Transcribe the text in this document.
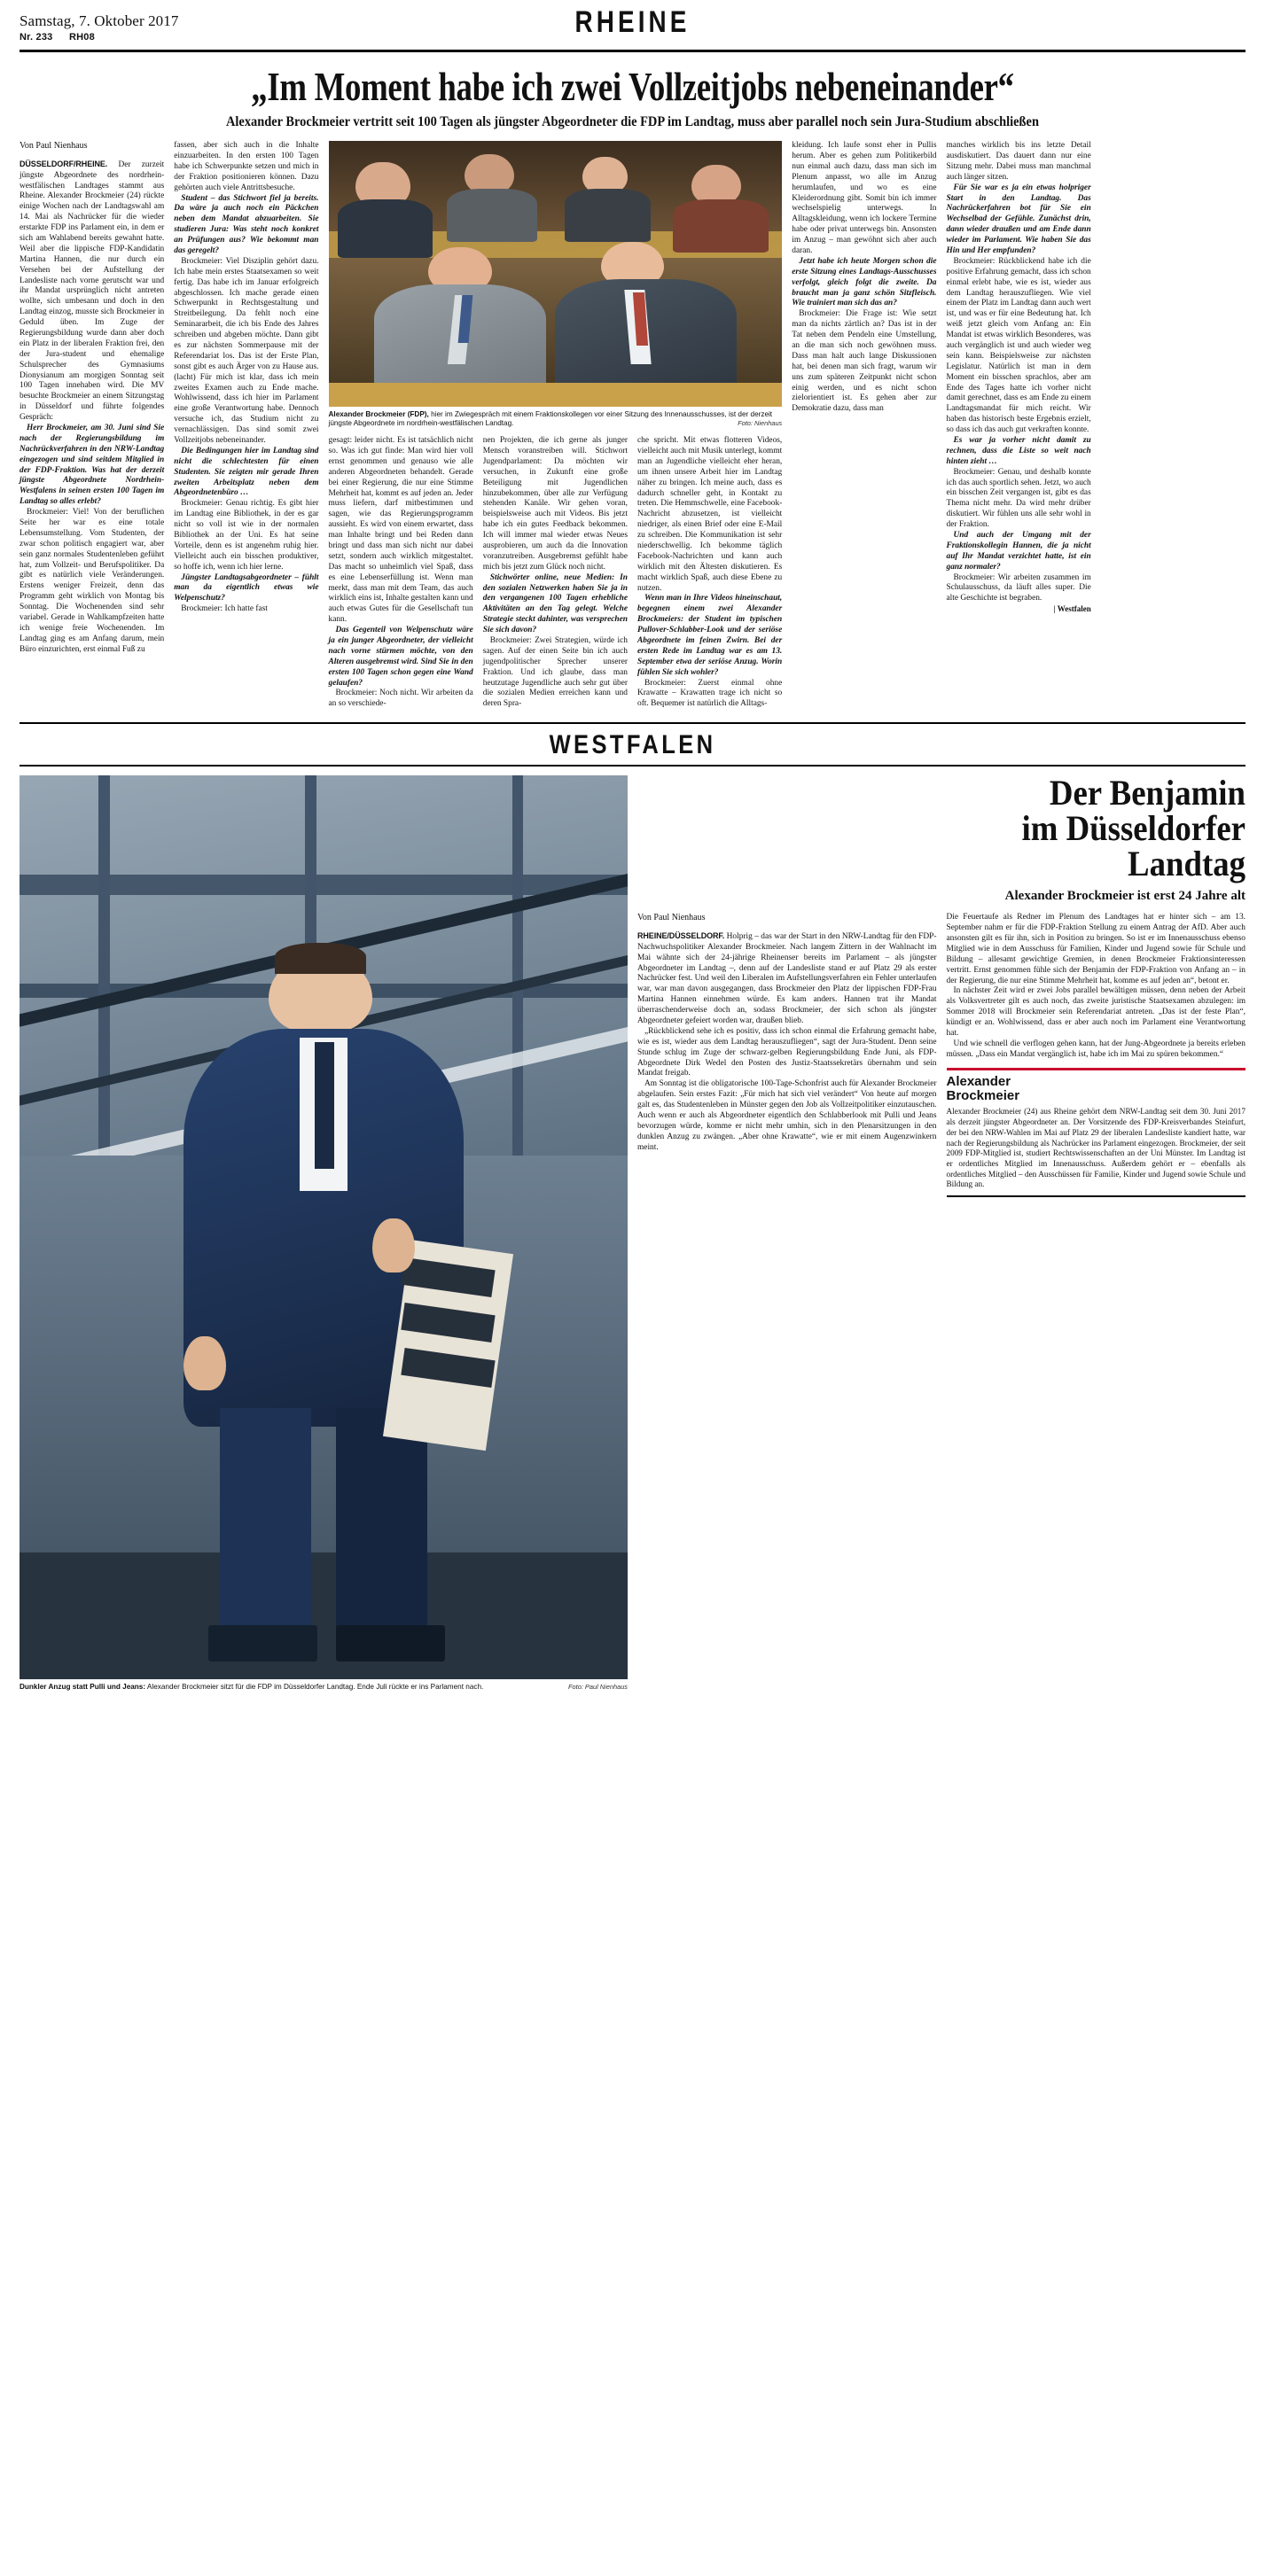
Samstag, 7. Oktober 2017
Nr. 233 RH08	RHEINE
„Im Moment habe ich zwei Vollzeitjobs nebeneinander“
Alexander Brockmeier vertritt seit 100 Tagen als jüngster Abgeordneter die FDP im Landtag, muss aber parallel noch sein Jura-Studium abschließen
Von Paul Nienhaus

DÜSSELDORF/RHEINE. Der zurzeit jüngste Abgeordnete des nordrhein-westfälischen Landtages stammt aus Rheine. Alexander Brockmeier (24) rückte einige Wochen nach der Landtagswahl am 14. Mai als Nachrücker für die wieder erstarkte FDP ins Parlament ein, in dem er sich am Wahlabend bereits gewahnt hatte. Weil aber die lippische FDP-Kandidatin Martina Hannen, die nur durch ein Versehen bei der Aufstellung der Landesliste nach vorne gerutscht war und ihr Mandat ursprünglich nicht antreten wollte, sich umbesann und doch in den Landtag einzog, musste sich Brockmeier in Geduld üben. Im Zuge der Regierungsbildung wurde dann aber doch ein Platz in der liberalen Fraktion frei, den der Jura-student und ehemalige Schulsprecher des Gymnasiums Dionysianum am morgigen Sonntag seit 100 Tagen innehaben wird. Die MV besuchte Brockmeier an einem Sitzungstag in Düsseldorf und führte folgendes Gespräch:

Herr Brockmeier, am 30. Juni sind Sie nach der Regierungsbildung im Nachrückverfahren in den NRW-Landtag eingezogen und sind seitdem Mitglied in der FDP-Fraktion. Was hat der derzeit jüngste Abgeordnete Nordrhein-Westfalens in seinen ersten 100 Tagen im Landtag so alles erlebt?

Brockmeier: Viel! Von der beruflichen Seite her war es eine totale Lebensumstellung. Vom Studenten, der zwar schon politisch engagiert war, aber sein ganz normales Studentenleben geführt hat, zum Vollzeit- und Berufspolitiker. Da gibt es natürlich viele Veränderungen. Erstens weniger Freizeit, denn das Programm geht wirklich von Montag bis Sonntag. Die Wochenenden sind sehr variabel. Gerade in Wahlkampfzeiten hatte ich wenige freie Wochenenden. Im Landtag ging es am Anfang darum, mein Büro einzurichten, erst einmal Fuß zu

fassen, aber sich auch in die Inhalte einzuarbeiten. In den ersten 100 Tagen habe ich Schwerpunkte setzen und mich in der Fraktion positionieren können. Dazu gehörten auch viele Antrittsbesuche.

Student – das Stichwort fiel ja bereits. Da wäre ja auch noch ein Päckchen neben dem Mandat abzuarbeiten. Sie studieren Jura: Was steht noch konkret an Prüfungen aus? Wie bekommt man das geregelt?

Brockmeier: Viel Disziplin gehört dazu. Ich habe mein erstes Staatsexamen so weit fertig. Das habe ich im Januar erfolgreich abgeschlossen. Ich mache gerade einen Schwerpunkt in Rechtsgestaltung und Streitbeilegung. Da fehlt noch eine Seminararbeit, die ich bis Ende des Jahres schreiben und abgeben möchte. Dann gibt es zur nächsten Sommerpause mit der Referendariat los. Das ist der Erste Plan, sonst gibt es auch Ärger von zu Hause aus. (lacht) Für mich ist klar, dass ich mein zweites Examen auch zu Ende mache. Wohlwissend, dass ich hier im Parlament eine große Verantwortung habe. Dennoch versuche ich, das Studium nicht zu vernachlässigen. Das sind somit zwei Vollzeitjobs nebeneinander.

Die Bedingungen hier im Landtag sind nicht die schlechtesten für einen Studenten. Sie zeigten mir gerade Ihren zweiten Arbeitsplatz neben dem Abgeordnetenbüro …

Brockmeier: Genau richtig. Es gibt hier im Landtag eine Bibliothek, in der es gar nicht so voll ist wie in der normalen Bibliothek an der Uni. Es hat seine Vorteile, denn es ist angenehm ruhig hier. Vielleicht auch ein bisschen produktiver, so hoffe ich, wenn ich hier lerne.

Jüngster Landtagsabgeordneter – fühlt man da eigentlich etwas wie Welpenschutz?

Brockmeier: Ich hatte fast

Alexander Brockmeier (FDP), hier im Zwiegespräch mit einem Fraktionskollegen vor einer Sitzung des Innenausschusses, ist der derzeit jüngste Abgeordnete im nordrhein-westfälischen Landtag.	Foto: Nienhaus

gesagt: leider nicht. Es ist tatsächlich nicht so. Was ich gut finde: Man wird hier voll ernst genommen und genauso wie alle anderen Abgeordneten behandelt. Gerade bei einer Regierung, die nur eine Stimme Mehrheit hat, kommt es auf jeden an. Jeder muss liefern, darf mitbestimmen und sagen, wie das Regierungsprogramm aussieht. Es wird von einem erwartet, dass man Inhalte bringt und bei Reden dann bringt und dass man sich nicht nur dabei setzt, sondern auch wirklich mitgestaltet. Das macht so unheimlich viel Spaß, dass es eine Lebenserfüllung ist. Wenn man merkt, dass man mit dem Team, das auch wirklich eins ist, Inhalte gestalten kann und auch etwas Gutes für die Gesellschaft tun kann.

Das Gegenteil von Welpenschutz wäre ja ein junger Abgeordneter, der vielleicht nach vorne stürmen möchte, von den Alteren ausgebremst wird. Sind Sie in den ersten 100 Tagen schon gegen eine Wand gelaufen?

Brockmeier: Noch nicht. Wir arbeiten da an so verschiede-

nen Projekten, die ich gerne als junger Mensch voranstreiben will. Stichwort Jugendparlament: Da möchten wir versuchen, in Zukunft eine große Beteiligung mit Jugendlichen hinzubekommen, über alle zur Verfügung stehenden Kanäle. Wir gehen voran, beispielsweise auch mit Videos. Bis jetzt habe ich ein gutes Feedback bekommen. Ich will immer mal wieder etwas Neues ausprobieren, um auch da die Innovation voranzutreiben. Ausgebremst gefühlt habe mich bis jetzt zum Glück noch nicht.

Stichwörter online, neue Medien: In den sozialen Netzwerken haben Sie ja in den vergangenen 100 Tagen erhebliche Aktivitäten an den Tag gelegt. Welche Strategie steckt dahinter, was versprechen Sie sich davon?

Brockmeier: Zwei Strategien, würde ich sagen. Auf der einen Seite bin ich auch jugendpolitischer Sprecher unserer Fraktion. Und ich glaube, dass man heutzutage Jugendliche auch sehr gut über die sozialen Medien erreichen kann und deren Spra-

che spricht. Mit etwas flotteren Videos, vielleicht auch mit Musik unterlegt, kommt man an Jugendliche vielleicht eher heran, um ihnen unsere Arbeit hier im Landtag näher zu bringen. Ich meine auch, dass es dadurch schneller geht, in Kontakt zu treten. Die Hemmschwelle, eine Facebook-Nachricht abzusetzen, ist vielleicht niedriger, als einen Brief oder eine E-Mail zu schreiben. Die Kommunikation ist sehr niederschwellig. Ich bekomme täglich Facebook-Nachrichten und kann auch wirklich mit den Ältesten diskutieren. Es macht wirklich Spaß, auch diese Ebene zu nutzen.

Wenn man in Ihre Videos hineinschaut, begegnen einem zwei Alexander Brockmeiers: der Student im typischen Pullover-Schlabber-Look und der seriöse Abgeordnete im feinen Zwirn. Bei der ersten Rede im Landtag war es am 13. September etwa der seriöse Anzug. Worin fühlen Sie sich wohler?

Brockmeier: Zuerst einmal ohne Krawatte – Krawatten trage ich nicht so oft. Bequemer ist natürlich die Alltags-

kleidung. Ich laufe sonst eher in Pullis herum. Aber es gehen zum Politikerbild nun einmal auch dazu, dass man sich im Plenum anpasst, wo alle im Anzug herumlaufen, und wo es eine Kleiderordnung gibt. Somit bin ich immer wechselspielig unterwegs. In Alltagskleidung, wenn ich lockere Termine habe oder privat unterwegs bin. Ansonsten im Anzug – man gewöhnt sich aber auch daran.

Jetzt habe ich heute Morgen schon die erste Sitzung eines Landtags-Ausschusses verfolgt, gleich folgt die zweite. Da braucht man ja ganz schön Sitzfleisch. Wie trainiert man sich das an?

Brockmeier: Die Frage ist: Wie setzt man da nichts zärtlich an? Das ist in der Tat neben dem Pendeln eine Umstellung, an die man sich noch gewöhnen muss. Dass man halt auch lange Diskussionen hat, bei denen man sich fragt, warum wir uns zum späteren Zeitpunkt nicht schon einig werden, und es nicht schon zielorientiert ist. Es gehen aber zur Demokratie dazu, dass man

manches wirklich bis ins letzte Detail ausdiskutiert. Das dauert dann nur eine Sitzung mehr. Dabei muss man manchmal auch länger sitzen.

Für Sie war es ja ein etwas holpriger Start in den Landtag. Das Nachrückerfahren bot für Sie ein Wechselbad der Gefühle. Zunächst drin, dann wieder draußen und am Ende dann wieder im Parlament. Wie haben Sie das Hin und Her empfunden?

Brockmeier: Rückblickend habe ich die positive Erfahrung gemacht, dass ich schon einmal erlebt habe, wie es ist, wieder aus dem Landtag herauszufliegen. Wie viel einem der Platz im Landtag dann auch wert ist, und was er für eine Bedeutung hat. Ich weiß jetzt gleich vom Anfang an: Ein Mandat ist etwas wirklich Besonderes, was auch vergänglich ist und auch wieder weg sein kann. Beispielsweise zur nächsten Legislatur. Natürlich ist man in dem Moment ein bisschen sprachlos, aber am Ende des Tages hatte ich vorher nicht damit gerechnet, dass es am Ende zu einem Landtagsmandat für mich reicht. Wir haben das historisch beste Ergebnis erzielt, so dass ich das auch gut verkraften konnte.

Es war ja vorher nicht damit zu rechnen, dass die Liste so weit nach hinten zieht …

Brockmeier: Genau, und deshalb konnte ich das auch sportlich sehen. Jetzt, wo auch ein bisschen Zeit vergangen ist, gibt es das Thema nicht mehr. Da wird mehr drüber diskutiert. Wir fühlen uns alle sehr wohl in der Fraktion.

Und auch der Umgang mit der Fraktionskollegin Hannen, die ja nicht auf Ihr Mandat verzichtet hatte, ist ein ganz normaler?

Brockmeier: Wir arbeiten zusammen im Schulausschuss, da läuft alles super. Die alte Geschichte ist begraben.

| Westfalen

WESTFALEN
Dunkler Anzug statt Pulli und Jeans: Alexander Brockmeier sitzt für die FDP im Düsseldorfer Landtag. Ende Juli rückte er ins Parlament nach.	Foto: Paul Nienhaus
Der Benjamin
im Düsseldorfer
Landtag
Alexander Brockmeier ist erst 24 Jahre alt
Von Paul Nienhaus

RHEINE/DÜSSELDORF. Holprig – das war der Start in den NRW-Landtag für den FDP-Nachwuchspolitiker Alexander Brockmeier. Nach langem Zittern in der Wahlnacht im Mai wähnte sich der 24-jährige Rheinenser bereits im Parlament – als jüngster Abgeordneter im Landtag –, denn auf der Landesliste stand er auf Platz 29 als erster Nachrücker fest. Und weil den Liberalen im Aufstellungsverfahren ein Fehler unterlaufen war, war man davon ausgegangen, dass Brockmeier den Platz der lippischen FDP-Frau Martina Hannen einnehmen würde. Es kam anders. Hannen trat ihr Mandat überraschenderweise doch an, sodass Brockmeier, der sich schon als jüngster Abgeordneter gefeiert worden war, draußen blieb.

„Rückblickend sehe ich es positiv, dass ich schon einmal die Erfahrung gemacht habe, wie es ist, wieder aus dem Landtag herauszufliegen“, sagt der Jura-Student. Denn seine Stunde schlug im Zuge der schwarz-gelben Regierungsbildung Ende Juni, als FDP-Abgeordnete Dirk Wedel den Posten des Justiz-Staatssekretärs übernahm und sein Mandat freigab.

Am Sonntag ist die obligatorische 100-Tage-Schonfrist auch für Alexander Brockmeier abgelaufen. Sein erstes Fazit: „Für mich hat sich viel verändert“ Von heute auf morgen galt es, das Studentenleben in Münster gegen den Job als Vollzeitpolitiker einzutauschen. Auch wenn er auch als Abgeordneter eigentlich den Schlabberlook mit Pulli und Jeans bevorzugen würde, komme er nicht mehr umhin, sich in den Plenarsitzungen in den dunklen Anzug zu zwängen. „Aber ohne Krawatte“, wie er mit einem Augenzwinkern meint.

Die Feuertaufe als Redner im Plenum des Landtages hat er hinter sich – am 13. September nahm er für die FDP-Fraktion Stellung zu einem Antrag der AfD. Aber auch ansonsten gilt es für ihn, sich in Position zu bringen. So ist er im Innenausschuss ebenso Mitglied wie in dem Ausschuss für Familien, Kinder und Jugend sowie für Schule und Bildung – allesamt gewichtige Gremien, in denen Brockmeier Fraktionsinteressen vertritt. Ernst genommen fühle sich der Benjamin der FDP-Fraktion von Anfang an – in der Regierung, die nur eine Stimme Mehrheit hat, komme es auf jeden an“, betont er.

In nächster Zeit wird er zwei Jobs parallel bewältigen müssen, denn neben der Arbeit als Volksvertreter gilt es auch noch, das zweite juristische Staatsexamen abzulegen: im Sommer 2018 will Brockmeier sein Referendariat antreten. „Das ist der feste Plan“, kündigt er an. Wohlwissend, dass er aber auch noch im Parlament eine Verantwortung hat.

Und wie schnell die verflogen gehen kann, hat der Jung-Abgeordnete ja bereits erleben müssen. „Dass ein Mandat vergänglich ist, habe ich im Mai zu spüren bekommen.“

Alexander
Brockmeier
Alexander Brockmeier (24) aus Rheine gehört dem NRW-Landtag seit dem 30. Juni 2017 als derzeit jüngster Abgeordneter an. Der Vorsitzende des FDP-Kreisverbandes Steinfurt, der bei den NRW-Wahlen im Mai auf Platz 29 der liberalen Landesliste kandiert hatte, war nach der Regierungsbildung als Nachrücker ins Parlament eingezogen. Brockmeier, der seit 2009 FDP-Mitglied ist, studiert Rechtswissenschaften an der Uni Münster. Im Landtag ist er ordentliches Mitglied im Innenausschuss. Außerdem gehört er – ebenfalls als ordentliches Mitglied – den Ausschüssen für Familie, Kinder und Jugend sowie Schule und Bildung an.
